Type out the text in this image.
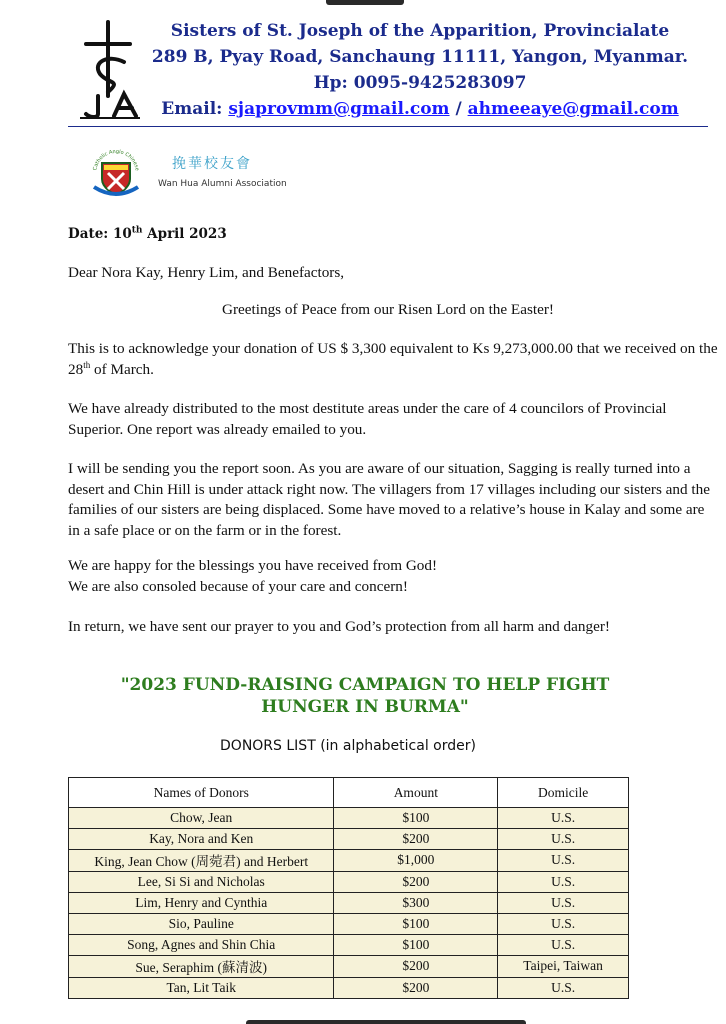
Sisters of St. Joseph of the Apparition, Provincialate
289 B, Pyay Road, Sanchaung 11111, Yangon, Myanmar.
Hp: 0095-9425283097
Email: sjaprovmm@gmail.com / ahmeeaye@gmail.com
Catholic Anglo Chinese 挽華校友會
Wan Hua Alumni Association
Date: 10th April 2023
Dear Nora Kay, Henry Lim, and Benefactors,
Greetings of Peace from our Risen Lord on the Easter!
This is to acknowledge your donation of US $ 3,300 equivalent to Ks 9,273,000.00 that we received on the 28th of March.
We have already distributed to the most destitute areas under the care of 4 councilors of Provincial Superior. One report was already emailed to you.
I will be sending you the report soon. As you are aware of our situation, Sagging is really turned into a desert and Chin Hill is under attack right now. The villagers from 17 villages including our sisters and the families of our sisters are being displaced. Some have moved to a relative’s house in Kalay and some are in a safe place or on the farm or in the forest.
We are happy for the blessings you have received from God!
We are also consoled because of your care and concern!
In return, we have sent our prayer to you and God’s protection from all harm and danger!
"2023 FUND-RAISING CAMPAIGN TO HELP FIGHT
HUNGER IN BURMA"
DONORS LIST (in alphabetical order)
Names of Donors	Amount	Domicile
Chow, Jean	$100	U.S.
Kay, Nora and Ken	$200	U.S.
King, Jean Chow (周菀君) and Herbert	$1,000	U.S.
Lee, Si Si and Nicholas	$200	U.S.
Lim, Henry and Cynthia	$300	U.S.
Sio, Pauline	$100	U.S.
Song, Agnes and Shin Chia	$100	U.S.
Sue, Seraphim (蘇清波)	$200	Taipei, Taiwan
Tan, Lit Taik	$200	U.S.
